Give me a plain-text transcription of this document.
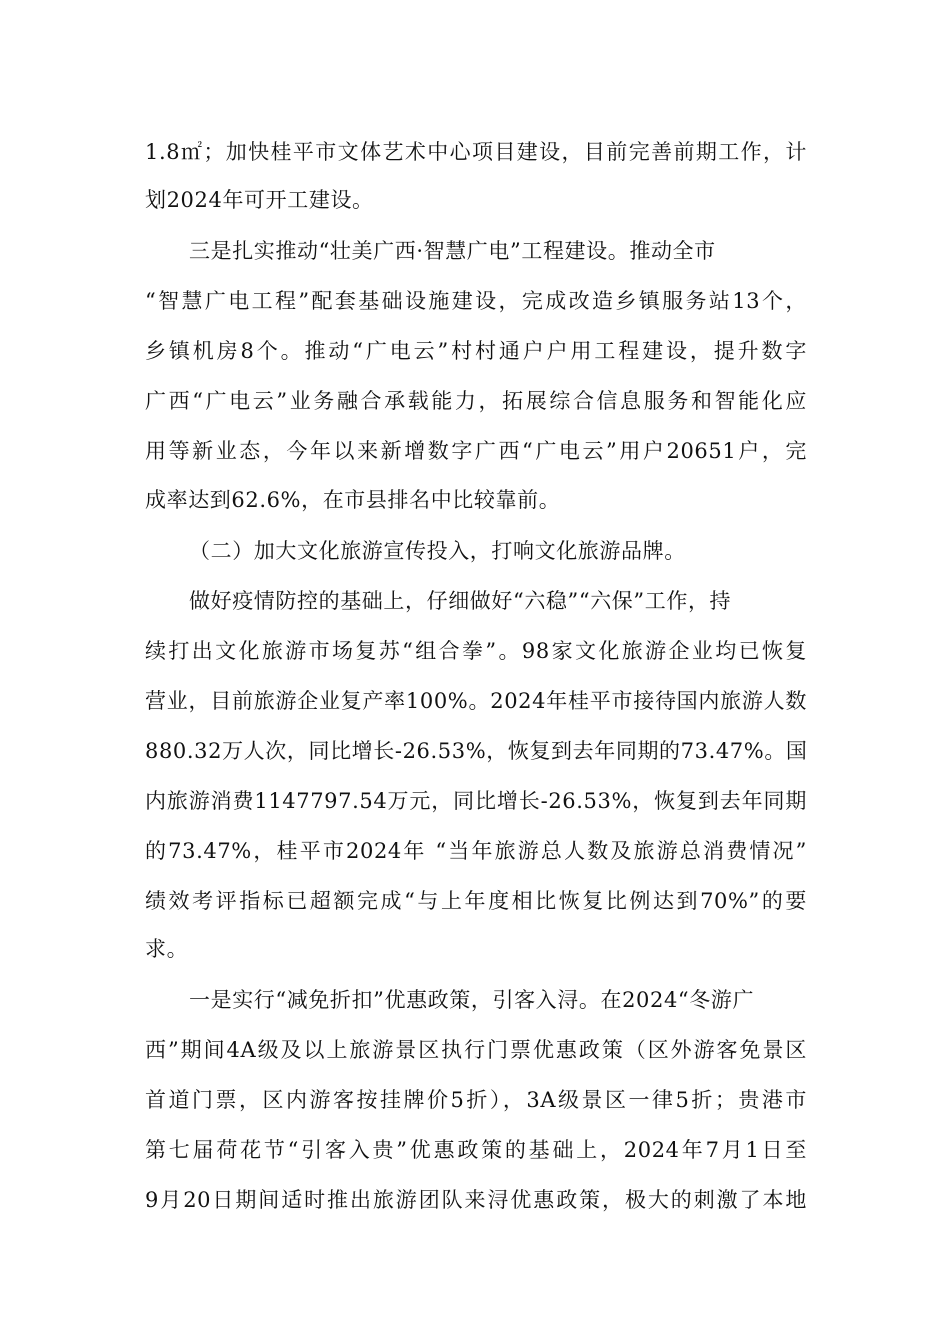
1.8㎡；加快桂平市文体艺术中心项目建设，目前完善前期工作，计
划2024年可开工建设。
三是扎实推动“壮美广西·智慧广电”工程建设。推动全市
“智慧广电工程”配套基础设施建设，完成改造乡镇服务站13个，
乡镇机房8个。推动“广电云”村村通户户用工程建设，提升数字
广西“广电云”业务融合承载能力，拓展综合信息服务和智能化应
用等新业态，今年以来新增数字广西“广电云”用户20651户，完
成率达到62.6%，在市县排名中比较靠前。
（二）加大文化旅游宣传投入，打响文化旅游品牌。
做好疫情防控的基础上，仔细做好“六稳”“六保”工作，持
续打出文化旅游市场复苏“组合拳”。98家文化旅游企业均已恢复
营业，目前旅游企业复产率100%。2024年桂平市接待国内旅游人数
880.32万人次，同比增长-26.53%，恢复到去年同期的73.47%。国
内旅游消费1147797.54万元，同比增长-26.53%，恢复到去年同期
的73.47%，桂平市2024年 “当年旅游总人数及旅游总消费情况”
绩效考评指标已超额完成“与上年度相比恢复比例达到70%”的要
求。
一是实行“减免折扣”优惠政策，引客入浔。在2024“冬游广
西”期间4A级及以上旅游景区执行门票优惠政策（区外游客免景区
首道门票，区内游客按挂牌价5折），3A级景区一律5折；贵港市
第七届荷花节“引客入贵”优惠政策的基础上，2024年7月1日至
9月20日期间适时推出旅游团队来浔优惠政策，极大的刺激了本地
